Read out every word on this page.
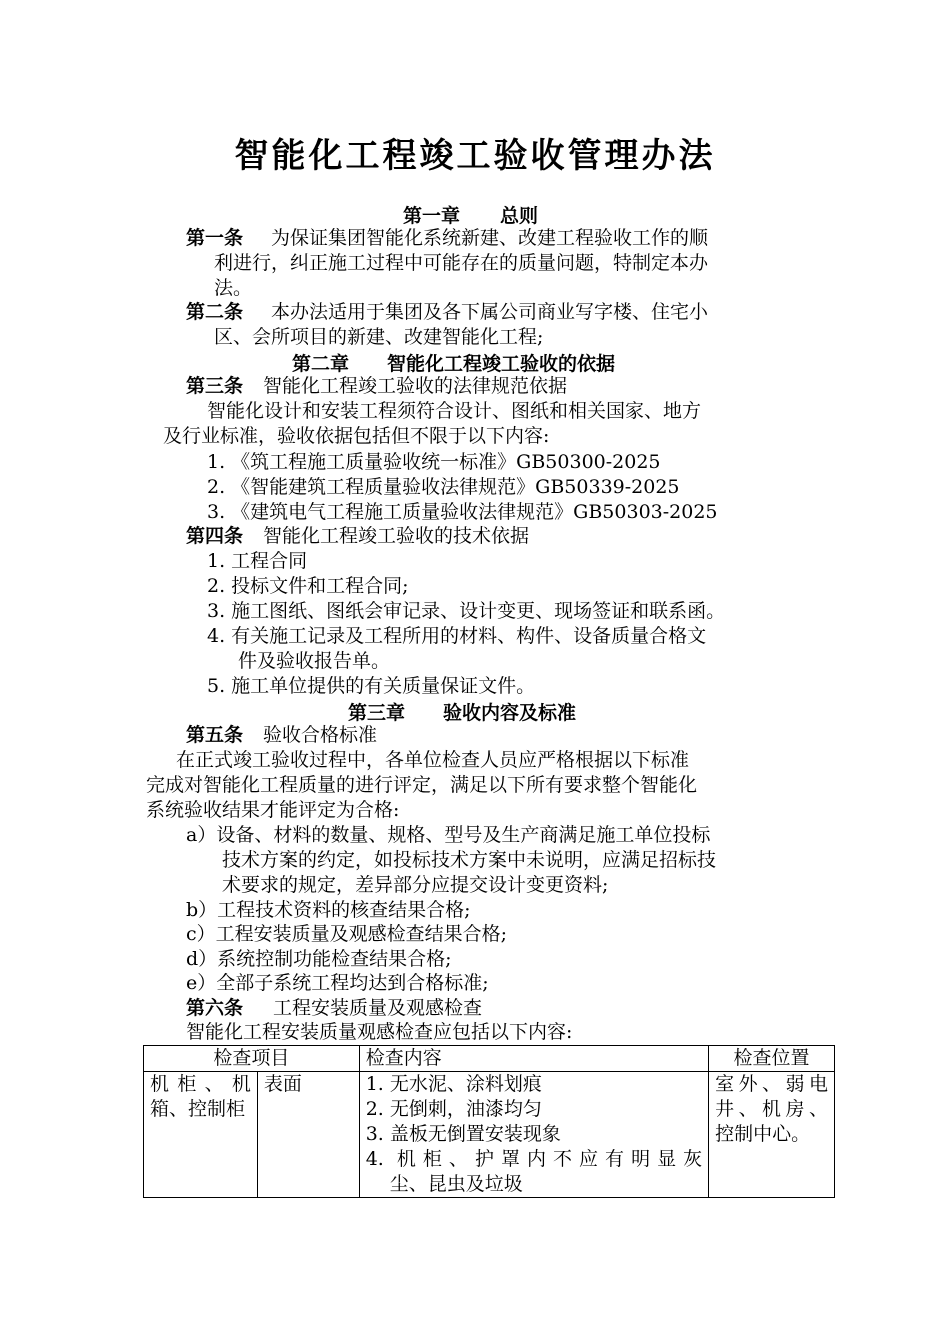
智能化工程竣工验收管理办法
第一章 总则
第一条 为保证集团智能化系统新建、改建工程验收工作的顺
利进行，纠正施工过程中可能存在的质量问题，特制定本办
法。
第二条 本办法适用于集团及各下属公司商业写字楼、住宅小
区、会所项目的新建、改建智能化工程;
第二章 智能化工程竣工验收的依据
第三条 智能化工程竣工验收的法律规范依据
智能化设计和安装工程须符合设计、图纸和相关国家、地方
及行业标准，验收依据包括但不限于以下内容:
1. 《筑工程施工质量验收统一标准》GB50300-2025
2. 《智能建筑工程质量验收法律规范》GB50339-2025
3. 《建筑电气工程施工质量验收法律规范》GB50303-2025
第四条 智能化工程竣工验收的技术依据
1. 工程合同
2. 投标文件和工程合同;
3. 施工图纸、图纸会审记录、设计变更、现场签证和联系函。
4. 有关施工记录及工程所用的材料、构件、设备质量合格文
件及验收报告单。
5. 施工单位提供的有关质量保证文件。
第三章 验收内容及标准
第五条 验收合格标准
在正式竣工验收过程中，各单位检查人员应严格根据以下标准
完成对智能化工程质量的进行评定，满足以下所有要求整个智能化
系统验收结果才能评定为合格:
a）设备、材料的数量、规格、型号及生产商满足施工单位投标
技术方案的约定，如投标技术方案中未说明，应满足招标技
术要求的规定，差异部分应提交设计变更资料;
b）工程技术资料的核查结果合格;
c）工程安装质量及观感检查结果合格;
d）系统控制功能检查结果合格;
e）全部子系统工程均达到合格标准;
第六条 工程安装质量及观感检查
智能化工程安装质量观感检查应包括以下内容:
检查项目		检查内容	检查位置
机柜、机箱、控制柜	表面	1. 无水泥、涂料划痕
2. 无倒刺，油漆均匀
3. 盖板无倒置安装现象
4. 机柜、护罩内不应有明显灰
尘、昆虫及垃圾	室外、弱电井、机房、控制中心。
